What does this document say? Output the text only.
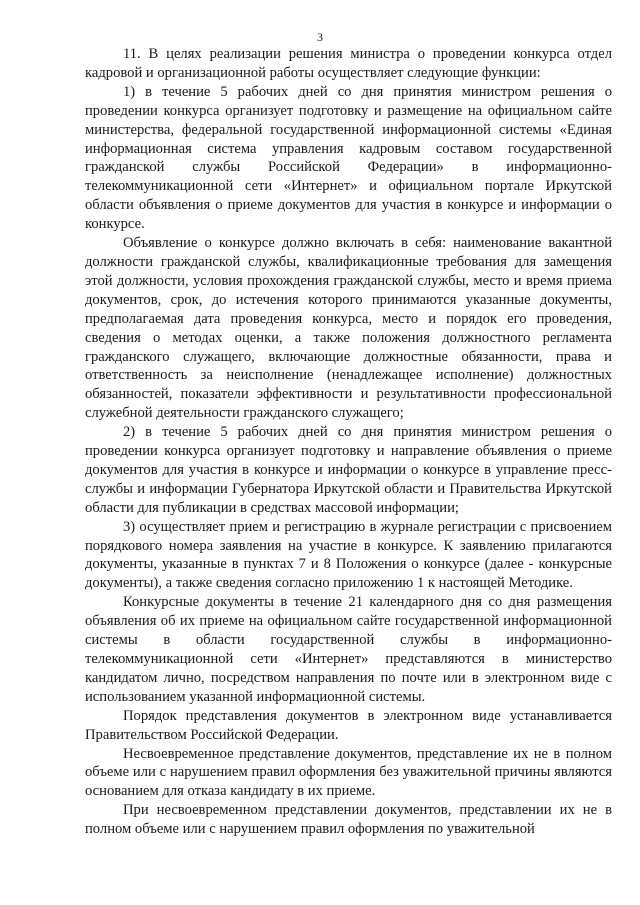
3

11. В целях реализации решения министра о проведении конкурса отдел кадровой и организационной работы осуществляет следующие функции:

1) в течение 5 рабочих дней со дня принятия министром решения о проведении конкурса организует подготовку и размещение на официальном сайте министерства, федеральной государственной информационной системы «Единая информационная система управления кадровым составом государственной гражданской службы Российской Федерации» в информационно-телекоммуникационной сети «Интернет» и официальном портале Иркутской области объявления о приеме документов для участия в конкурсе и информации о конкурсе.

Объявление о конкурсе должно включать в себя: наименование вакантной должности гражданской службы, квалификационные требования для замещения этой должности, условия прохождения гражданской службы, место и время приема документов, срок, до истечения которого принимаются указанные документы, предполагаемая дата проведения конкурса, место и порядок его проведения, сведения о методах оценки, а также положения должностного регламента гражданского служащего, включающие должностные обязанности, права и ответственность за неисполнение (ненадлежащее исполнение) должностных обязанностей, показатели эффективности и результативности профессиональной служебной деятельности гражданского служащего;

2) в течение 5 рабочих дней со дня принятия министром решения о проведении конкурса организует подготовку и направление объявления о приеме документов для участия в конкурсе и информации о конкурсе в управление пресс-службы и информации Губернатора Иркутской области и Правительства Иркутской области для публикации в средствах массовой информации;

3) осуществляет прием и регистрацию в журнале регистрации с присвоением порядкового номера заявления на участие в конкурсе. К заявлению прилагаются документы, указанные в пунктах 7 и 8 Положения о конкурсе (далее - конкурсные документы), а также сведения согласно приложению 1 к настоящей Методике.

Конкурсные документы в течение 21 календарного дня со дня размещения объявления об их приеме на официальном сайте государственной информационной системы в области государственной службы в информационно-телекоммуникационной сети «Интернет» представляются в министерство кандидатом лично, посредством направления по почте или в электронном виде с использованием указанной информационной системы.

Порядок представления документов в электронном виде устанавливается Правительством Российской Федерации.

Несвоевременное представление документов, представление их не в полном объеме или с нарушением правил оформления без уважительной причины являются основанием для отказа кандидату в их приеме.

При несвоевременном представлении документов, представлении их не в полном объеме или с нарушением правил оформления по уважительной
